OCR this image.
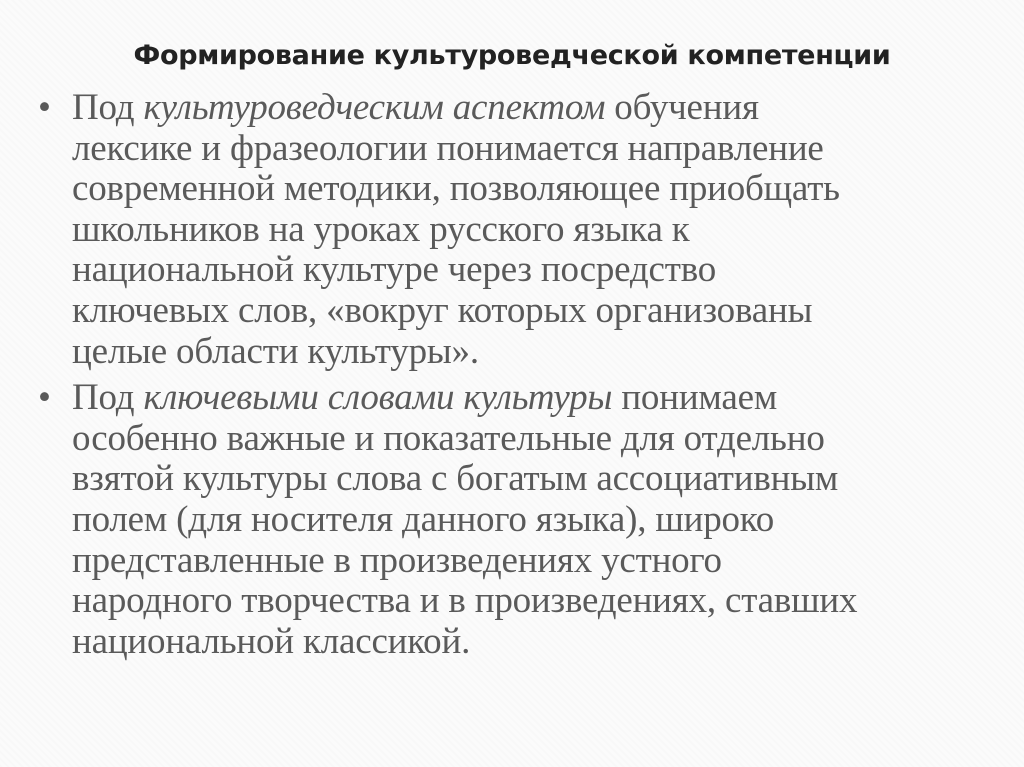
Формирование культуроведческой компетенции
• Под культуроведческим аспектом обучения
лексике и фразеологии понимается направление
современной методики, позволяющее приобщать
школьников на уроках русского языка к
национальной культуре через посредство
ключевых слов, «вокруг которых организованы
целые области культуры».
• Под ключевыми словами культуры понимаем
особенно важные и показательные для отдельно
взятой культуры слова с богатым ассоциативным
полем (для носителя данного языка), широко
представленные в произведениях устного
народного творчества и в произведениях, ставших
национальной классикой.
